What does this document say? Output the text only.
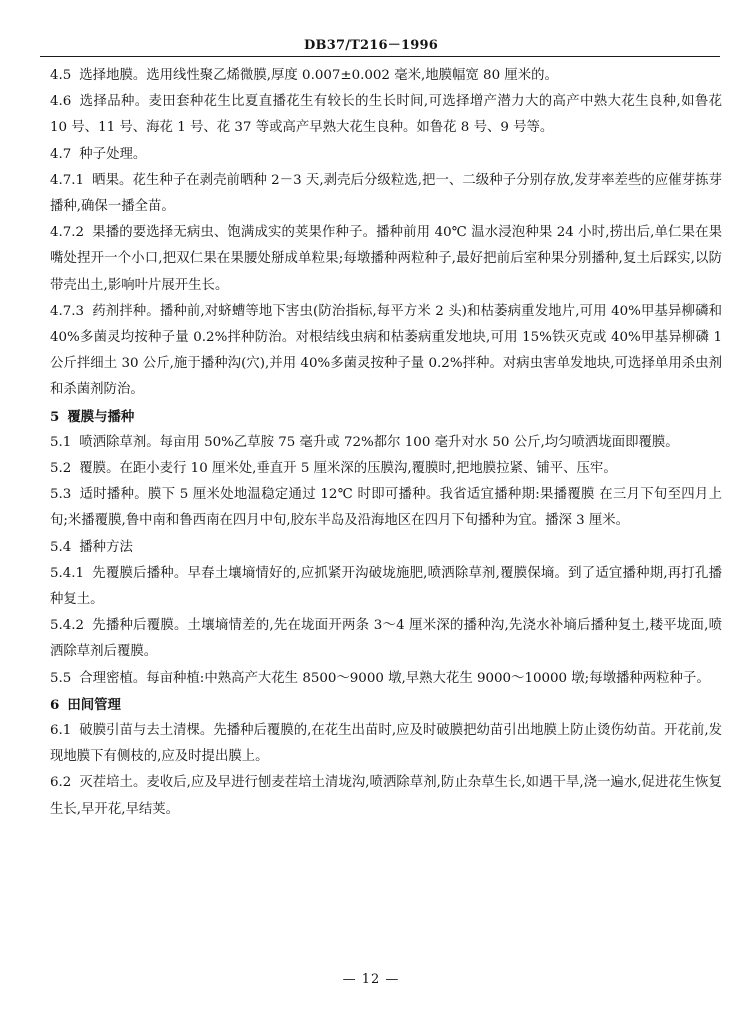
DB37/T216－1996

4.5 选择地膜。选用线性聚乙烯微膜,厚度 0.007±0.002 毫米,地膜幅宽 80 厘米的。

4.6 选择品种。麦田套种花生比夏直播花生有较长的生长时间,可选择增产潜力大的高产中熟大花生良种,如鲁花 10 号、11 号、海花 1 号、花 37 等或高产早熟大花生良种。如鲁花 8 号、9 号等。

4.7 种子处理。

4.7.1 晒果。花生种子在剥壳前晒种 2－3 天,剥壳后分级粒选,把一、二级种子分别存放,发芽率差些的应催芽拣芽播种,确保一播全苗。

4.7.2 果播的要选择无病虫、饱满成实的荚果作种子。播种前用 40℃ 温水浸泡种果 24 小时,捞出后,单仁果在果嘴处捏开一个小口,把双仁果在果腰处掰成单粒果;每墩播种两粒种子,最好把前后室种果分别播种,复土后踩实,以防带壳出土,影响叶片展开生长。

4.7.3 药剂拌种。播种前,对蛴螬等地下害虫(防治指标,每平方米 2 头)和枯萎病重发地片,可用 40%甲基异柳磷和 40%多菌灵均按种子量 0.2%拌种防治。对根结线虫病和枯萎病重发地块,可用 15%铁灭克或 40%甲基异柳磷 1 公斤拌细土 30 公斤,施于播种沟(穴),并用 40%多菌灵按种子量 0.2%拌种。对病虫害单发地块,可选择单用杀虫剂和杀菌剂防治。

5 覆膜与播种

5.1 喷洒除草剂。每亩用 50%乙草胺 75 毫升或 72%都尔 100 毫升对水 50 公斤,均匀喷洒垅面即覆膜。

5.2 覆膜。在距小麦行 10 厘米处,垂直开 5 厘米深的压膜沟,覆膜时,把地膜拉紧、铺平、压牢。

5.3 适时播种。膜下 5 厘米处地温稳定通过 12℃ 时即可播种。我省适宜播种期:果播覆膜 在三月下旬至四月上旬;米播覆膜,鲁中南和鲁西南在四月中旬,胶东半岛及沿海地区在四月下旬播种为宜。播深 3 厘米。

5.4 播种方法

5.4.1 先覆膜后播种。早春土壤墒情好的,应抓紧开沟破垅施肥,喷洒除草剂,覆膜保墒。到了适宜播种期,再打孔播种复土。

5.4.2 先播种后覆膜。土壤墒情差的,先在垅面开两条 3～4 厘米深的播种沟,先浇水补墒后播种复土,耧平垅面,喷洒除草剂后覆膜。

5.5 合理密植。每亩种植:中熟高产大花生 8500～9000 墩,早熟大花生 9000～10000 墩;每墩播种两粒种子。

6 田间管理

6.1 破膜引苗与去土清棵。先播种后覆膜的,在花生出苗时,应及时破膜把幼苗引出地膜上防止烫伤幼苗。开花前,发现地膜下有侧枝的,应及时提出膜上。

6.2 灭茬培土。麦收后,应及早进行刨麦茬培土清垅沟,喷洒除草剂,防止杂草生长,如遇干旱,浇一遍水,促进花生恢复生长,早开花,早结荚。

— 12 —
